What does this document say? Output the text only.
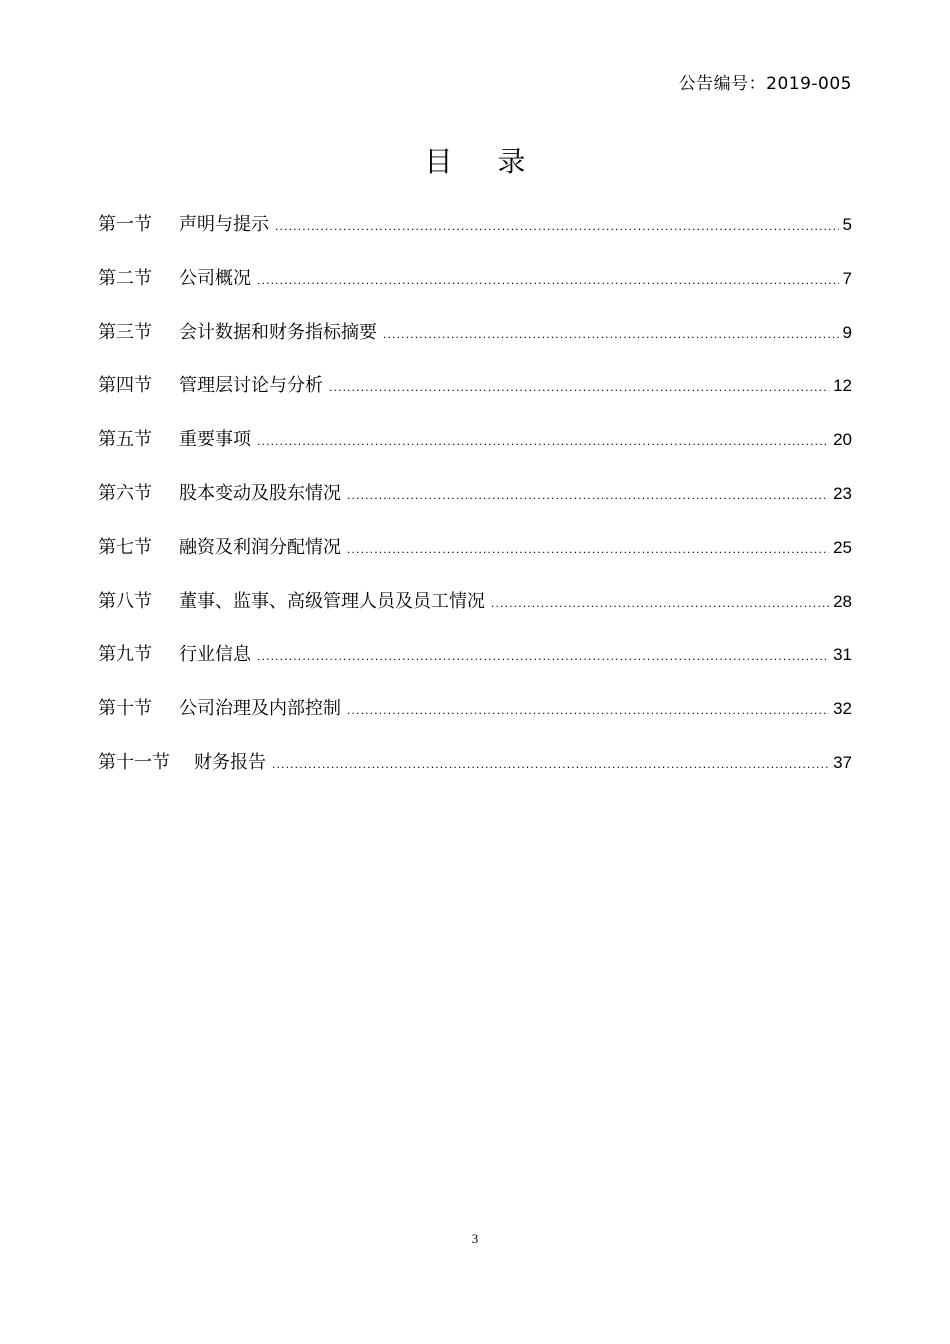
公告编号：2019-005
目 录
第一节 声明与提示 .....	5
第二节 公司概况 .....	7
第三节 会计数据和财务指标摘要 .....	9
第四节 管理层讨论与分析 .....	12
第五节 重要事项 .....	20
第六节 股本变动及股东情况 .....	23
第七节 融资及利润分配情况 .....	25
第八节 董事、监事、高级管理人员及员工情况 .....	28
第九节 行业信息 .....	31
第十节 公司治理及内部控制 .....	32
第十一节 财务报告 .....	37
3
